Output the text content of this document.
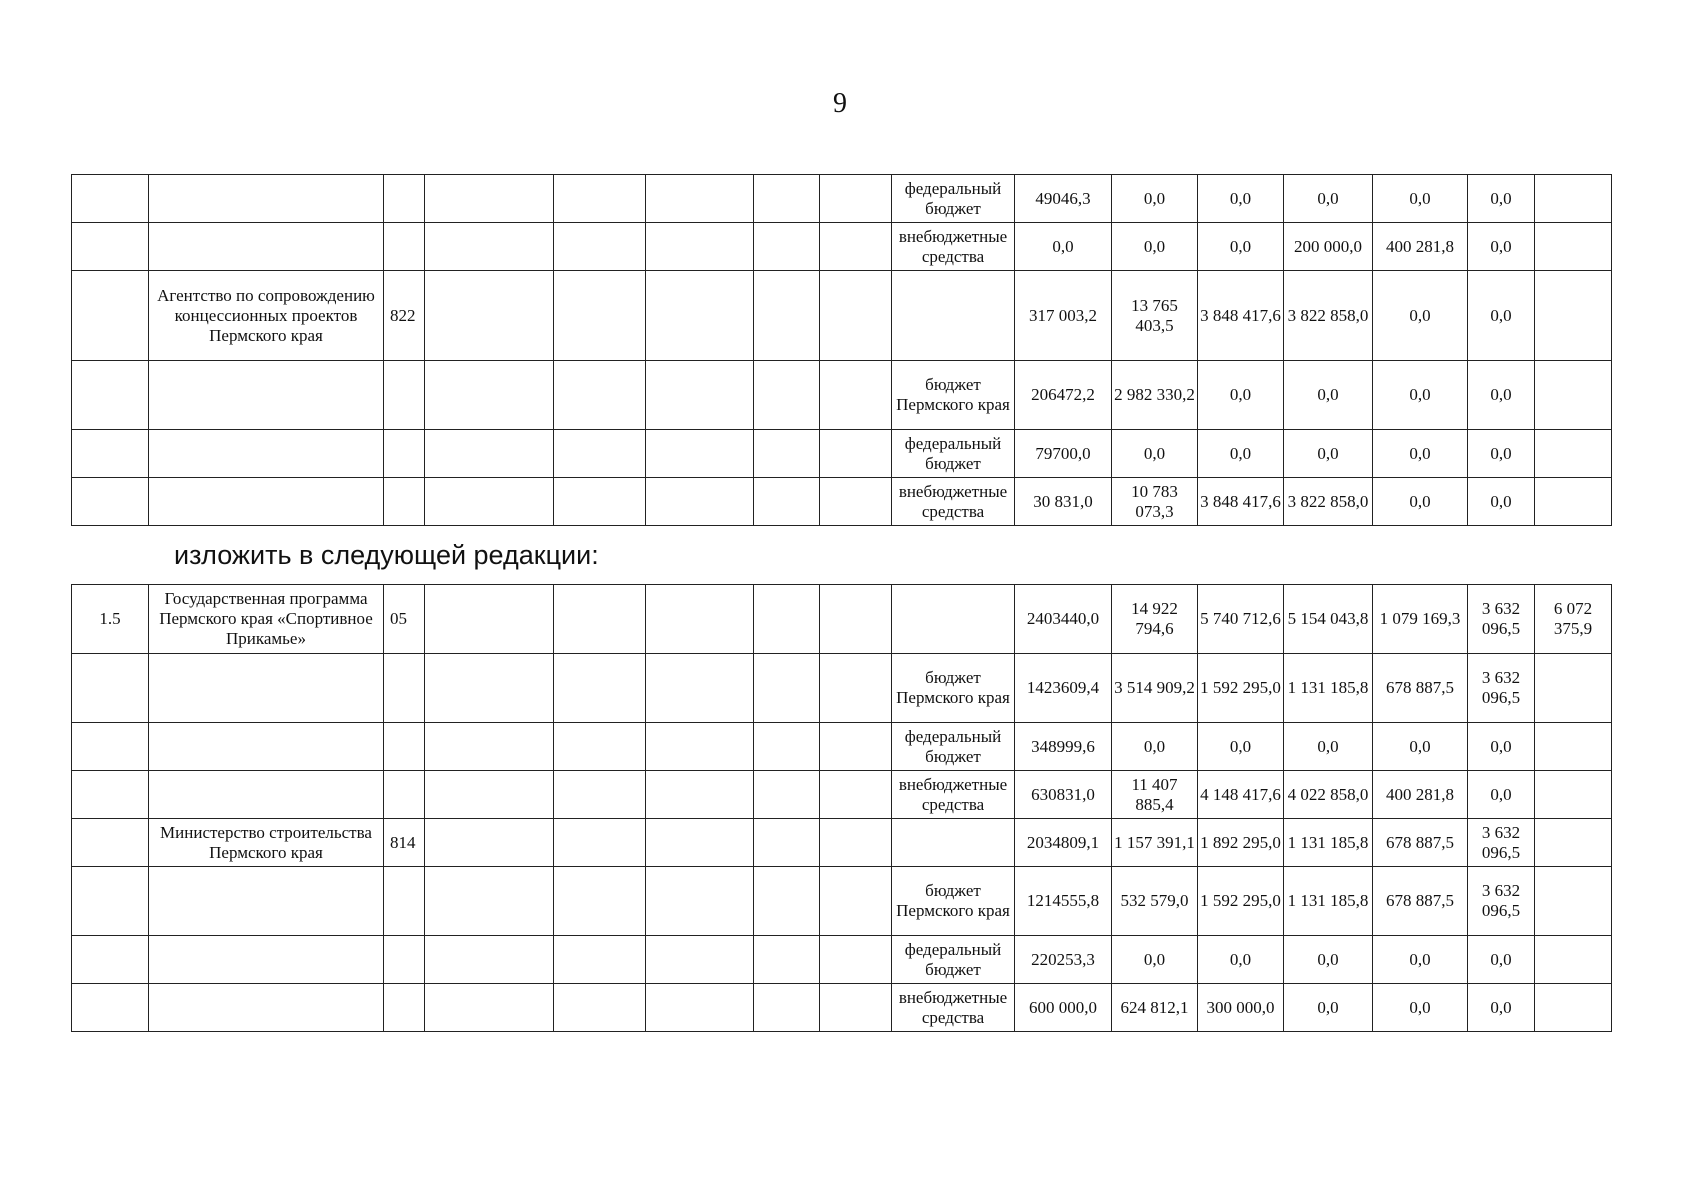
9
								федеральный бюджет	49046,3	0,0	0,0	0,0	0,0	0,0	
								внебюджетные средства	0,0	0,0	0,0	200 000,0	400 281,8	0,0	
	Агентство по сопровождению концессионных проектов Пермского края	822							317 003,2	13 765 403,5	3 848 417,6	3 822 858,0	0,0	0,0	
								бюджет Пермского края	206472,2	2 982 330,2	0,0	0,0	0,0	0,0	
								федеральный бюджет	79700,0	0,0	0,0	0,0	0,0	0,0	
								внебюджетные средства	30 831,0	10 783 073,3	3 848 417,6	3 822 858,0	0,0	0,0	
изложить в следующей редакции:
1.5	Государственная программа Пермского края «Спортивное Прикамье»	05							2403440,0	14 922 794,6	5 740 712,6	5 154 043,8	1 079 169,3	3 632 096,5	6 072 375,9
								бюджет Пермского края	1423609,4	3 514 909,2	1 592 295,0	1 131 185,8	678 887,5	3 632 096,5	
								федеральный бюджет	348999,6	0,0	0,0	0,0	0,0	0,0	
								внебюджетные средства	630831,0	11 407 885,4	4 148 417,6	4 022 858,0	400 281,8	0,0	
	Министерство строительства Пермского края	814							2034809,1	1 157 391,1	1 892 295,0	1 131 185,8	678 887,5	3 632 096,5	
								бюджет Пермского края	1214555,8	532 579,0	1 592 295,0	1 131 185,8	678 887,5	3 632 096,5	
								федеральный бюджет	220253,3	0,0	0,0	0,0	0,0	0,0	
								внебюджетные средства	600 000,0	624 812,1	300 000,0	0,0	0,0	0,0	
